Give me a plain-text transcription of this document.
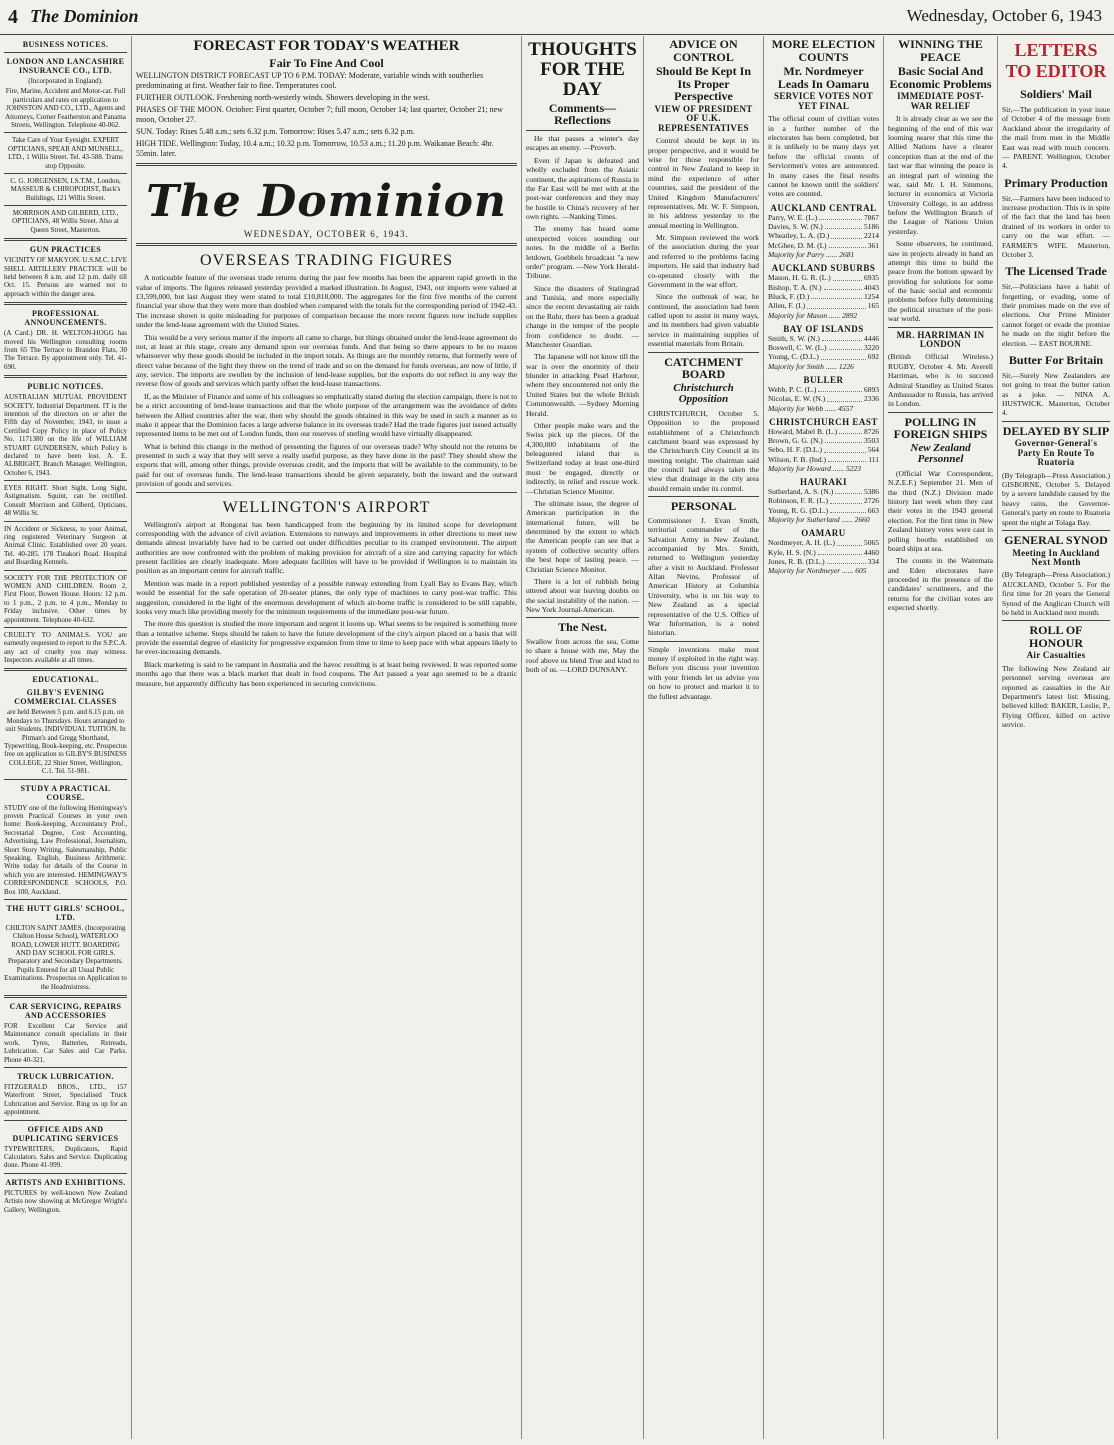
4 The Dominion	Wednesday, October 6, 1943
BUSINESS NOTICES.
LONDON AND LANCASHIRE INSURANCE CO., LTD.
(Incorporated in England).
Fire, Marine, Accident and Motor-car. Full particulars and rates on application to JOHNSTON AND CO., LTD., Agents and Attorneys, Corner Featherston and Panama Streets, Wellington. Telephone 40-062.
Take Care of Your Eyesight. EXPERT OPTICIANS, SPEAR AND MUNSELL, LTD., 1 Willis Street. Tel. 43-588. Trams stop Opposite.
C. G. JORGENSEN, I.S.T.M., London, MASSEUR & CHIROPODIST, Back's Buildings, 121 Willis Street.
MORRISON AND GILBERD, LTD., OPTICIANS, 48 Willis Street. Also at Queen Street, Masterton.
GUN PRACTICES
VICINITY OF MAKYON. U.S.M.C. LIVE SHELL ARTILLERY PRACTICE will be held between 8 a.m. and 12 p.m. daily till Oct. 15. Persons are warned not to approach within the danger area.
PROFESSIONAL ANNOUNCEMENTS.
(A Card.) DR. H. WELTON-HOGG has moved his Wellington consulting rooms from 65 The Terrace to Brandon Flats, 30 The Terrace. By appointment only. Tel. 41-690.
PUBLIC NOTICES.
AUSTRALIAN MUTUAL PROVIDENT SOCIETY. Industrial Department. IT is the intention of the directors on or after the Fifth day of November, 1943, to issue a Certified Copy Policy in place of Policy No. 1171380 on the life of WILLIAM STUART GUNDERSEN, which Policy is declared to have been lost. A. E. ALBRIGHT, Branch Manager. Wellington, October 6, 1943.
EYES RIGHT. Short Sight, Long Sight, Astigmatism. Squint, can be rectified. Consult Morrison and Gilberd, Opticians, 48 Willis St.
IN Accident or Sickness, to your Animal, ring registered Veterinary Surgeon at Animal Clinic. Established over 20 years. Tel. 40-285. 178 Tinakori Road. Hospital and Boarding Kennels.
SOCIETY FOR THE PROTECTION OF WOMEN AND CHILDREN. Room 2, First Floor, Bowen House. Hours: 12 p.m. to 1 p.m., 2 p.m. to 4 p.m., Monday to Friday inclusive. Other times by appointment. Telephone 40-632.
CRUELTY TO ANIMALS. YOU are earnestly requested to report to the S.P.C.A. any act of cruelty you may witness. Inspectors available at all times.
EDUCATIONAL.
GILBY'S EVENING COMMERCIAL CLASSES
are held Between 5 p.m. and 6.15 p.m. on Mondays to Thursdays. Hours arranged to suit Students. INDIVIDUAL TUITION. In Pitman's and Gregg Shorthand, Typewriting, Book-keeping, etc. Prospectus free on application to GILBY'S BUSINESS COLLEGE, 22 Shier Street, Wellington, C.1. Tel. 51-981.
STUDY A PRACTICAL COURSE.
STUDY one of the following Hemingway's proven Practical Courses in your own home: Book-keeping, Accountancy Prof., Secretarial Degree, Cost Accounting, Advertising, Law Professional, Journalism, Short Story Writing, Salesmanship, Public Speaking, English, Business Arithmetic. Write today for details of the Course in which you are interested. HEMINGWAY'S CORRESPONDENCE SCHOOLS, P.O. Box 100, Auckland.
THE HUTT GIRLS' SCHOOL, LTD.
CHILTON SAINT JAMES. (Incorporating Chilton House School), WATERLOO ROAD, LOWER HUTT. BOARDING AND DAY SCHOOL FOR GIRLS. Preparatory and Secondary Departments. Pupils Entered for all Usual Public Examinations. Prospectus on Application to the Headmistress.
CAR SERVICING, REPAIRS AND ACCESSORIES
FOR Excellent Car Service and Maintenance consult specialists in their work. Tyres, Batteries, Retreads, Lubrication. Car Sales and Car Parks. Phone 40-321.
TRUCK LUBRICATION.
FITZGERALD BROS., LTD., 157 Waterfront Street, Specialised Truck Lubrication and Service. Ring us up for an appointment.
OFFICE AIDS AND DUPLICATING SERVICES
TYPEWRITERS, Duplicators, Rapid Calculators. Sales and Service. Duplicating done. Phone 41-999.
ARTISTS AND EXHIBITIONS.
PICTURES by well-known New Zealand Artists now showing at McGregor Wright's Gallery, Wellington.
FORECAST FOR TODAY'S WEATHER
Fair To Fine And Cool
WELLINGTON DISTRICT FORECAST UP TO 6 P.M. TODAY: Moderate, variable winds with southerlies predominating at first. Weather fair to fine. Temperatures cool.
FURTHER OUTLOOK. Freshening north-westerly winds. Showers developing in the west.
PHASES OF THE MOON. October: First quarter, October 7; full moon, October 14; last quarter, October 21; new moon, October 27.
SUN. Today: Rises 5.48 a.m.; sets 6.32 p.m. Tomorrow: Rises 5.47 a.m.; sets 6.32 p.m.
HIGH TIDE. Wellington: Today, 10.4 a.m.; 10.32 p.m. Tomorrow, 10.53 a.m.; 11.20 p.m. Waikanae Beach: 4hr. 55min. later.
The Dominion
WEDNESDAY, OCTOBER 6, 1943.
OVERSEAS TRADING FIGURES

A noticeable feature of the overseas trade returns during the past few months has been the apparent rapid growth in the value of imports. The figures released yesterday provided a marked illustration. In August, 1943, our imports were valued at £3,599,000, but last August they were stated to total £10,818,000. The aggregates for the first five months of the current financial year show that they were more than doubled when compared with the totals for the corresponding period of 1942-43. The increase shown is quite misleading for purposes of comparison because the more recent figures now include supplies under the lend-lease agreement with the United States.

This would be a very serious matter if the imports all came to charge, but things obtained under the lend-lease agreement do not, at least at this stage, create any demand upon our overseas funds. And that being so there appears to be no reason whatsoever why these goods should be included in the import totals. As things are the monthly returns, that formerly were of direct value because of the light they threw on the trend of trade and so on the demand for funds overseas, are now of little, if any, service. The imports are swollen by the inclusion of lend-lease supplies, but the exports do not reflect in any way the reverse flow of goods and services which partly offset the lend-lease transactions.

If, as the Minister of Finance and some of his colleagues so emphatically stated during the election campaign, there is not to be a strict accounting of lend-lease transactions and that the whole purpose of the arrangement was the avoidance of debts between the Allied countries after the war, then why should the goods obtained in this way be used in such a manner as to make it appear that the Dominion faces a large adverse balance in its overseas trade? Had the trade figures just issued actually represented items to be met out of London funds, then our reserves of sterling would have virtually disappeared.

What is behind this change in the method of presenting the figures of our overseas trade? Why should not the returns be presented in such a way that they will serve a really useful purpose, as they have done in the past? They should show the exports that will, among other things, provide overseas credit, and the imports that will be available to the community, to be paid for out of overseas funds. The lend-lease transactions should be given separately, both the inward and the outward provision of goods and services.

WELLINGTON'S AIRPORT

Wellington's airport at Rongotai has been handicapped from the beginning by its limited scope for development corresponding with the advance of civil aviation. Extensions to runways and improvements in other directions to meet new demands almost invariably have had to be carried out under difficulties peculiar to its cramped environment. The airport authorities are now confronted with the problem of making provision for aircraft of a size and carrying capacity for which present facilities are clearly inadequate. More adequate facilities will have to be provided if Wellington is to maintain its position as an important centre for aircraft traffic.

Mention was made in a report published yesterday of a possible runway extending from Lyall Bay to Evans Bay, which would be essential for the safe operation of 20-seater planes, the only type of machines to carry post-war traffic. This suggestion, considered in the light of the enormous development of which air-borne traffic is considered to be still capable, looks very much like providing merely for the minimum requirements of the immediate post-war future.

The more this question is studied the more important and urgent it looms up. What seems to be required is something more than a tentative scheme. Steps should be taken to have the future development of the city's airport placed on a basis that will provide the essential degree of elasticity for progressive expansion from time to time to keep pace with what appears likely to be ever-increasing demands.

Black marketing is said to be rampant in Australia and the havoc resulting is at least being reviewed. It was reported some months ago that there was a black market that dealt in food coupons. The Act passed a year ago seemed to be a drastic measure, but apparently difficulty has been experienced in securing convictions.

THOUGHTS FOR THE DAY
Comments—Reflections

He that passes a winter's day escapes an enemy. —Proverb.

Even if Japan is defeated and wholly excluded from the Asiatic continent, the aspirations of Russia in the Far East will be met with at the post-war conferences and they may be hostile to China's recovery of her own rights. —Nanking Times.

The enemy has heard some unexpected voices sounding our notes. In the middle of a Berlin letdown, Goebbels broadcast "a new order" program. —New York Herald-Tribune.

Since the disasters of Stalingrad and Tunisia, and more especially since the recent devastating air raids on the Ruhr, there has been a gradual change in the temper of the people from confidence to doubt. —Manchester Guardian.

The Japanese will not know till the war is over the enormity of their blunder in attacking Pearl Harbour, where they encountered not only the United States but the whole British Commonwealth. —Sydney Morning Herald.

Other people make wars and the Swiss pick up the pieces. Of the 4,300,000 inhabitants of the beleaguered island that is Switzerland today at least one-third must be engaged, directly or indirectly, in relief and rescue work. —Christian Science Monitor.

The ultimate issue, the degree of American participation in the international future, will be determined by the extent to which the American people can see that a system of collective security offers the best hope of lasting peace. —Christian Science Monitor.

There is a lot of rubbish being uttered about war leaving doubts on the social instability of the nation. —New York Journal-American.

The Nest.
Swallow from across the sea, Come to share a house with me, May the roof above us blend True and kind to both of us. —LORD DUNSANY.
ADVICE ON CONTROL
Should Be Kept In Its Proper Perspective
VIEW OF PRESIDENT OF U.K. REPRESENTATIVES

Control should be kept in its proper perspective, and it would be wise for those responsible for control in New Zealand to keep in mind the experience of other countries, said the president of the United Kingdom Manufacturers' representatives, Mr. W. F. Simpson, in his address yesterday to the annual meeting in Wellington.

Mr. Simpson reviewed the work of the association during the year and referred to the problems facing importers. He said that industry had co-operated closely with the Government in the war effort.

Since the outbreak of war, he continued, the association had been called upon to assist in many ways, and its members had given valuable service in maintaining supplies of essential materials from Britain.

CATCHMENT BOARD
Christchurch Opposition
CHRISTCHURCH, October 5. Opposition to the proposed establishment of a Christchurch catchment board was expressed by the Christchurch City Council at its meeting tonight. The chairman said the council had always taken the view that drainage in the city area should remain under its control.
PERSONAL
Commissioner J. Evan Smith, territorial commander of the Salvation Army in New Zealand, accompanied by Mrs. Smith, returned to Wellington yesterday after a visit to Auckland. Professor Allan Nevins, Professor of American History at Columbia University, who is on his way to New Zealand as a special representative of the U.S. Office of War Information, is a noted historian.
Simple inventions make most money if exploited in the right way. Before you discuss your invention with your friends let us advise you on how to protect and market it to the fullest advantage.
MORE ELECTION COUNTS
Mr. Nordmeyer Leads In Oamaru
SERVICE VOTES NOT YET FINAL
The official count of civilian votes in a further number of the electorates has been completed, but it is unlikely to be many days yet before the official counts of Servicemen's votes are announced. In many cases the final results cannot be known until the soldiers' votes are counted.
AUCKLAND CENTRAL
Parry, W. E. (L.)	7867
Davies, S. W. (N.)	5186
Wheatley, L. A. (D.)	2214
McGhee, D. M. (I.)	361
Majority for Parry ...... 2681
AUCKLAND SUBURBS
Mason, H. G. R. (L.)	6935
Bishop, T. A. (N.)	4043
Bluck, F. (D.)	1254
Allen, F. (I.)	165
Majority for Mason ...... 2892
BAY OF ISLANDS
Smith, S. W. (N.)	4446
Boswell, C. W. (L.)	3220
Young, C. (D.L.)	692
Majority for Smith ...... 1226
BULLER
Webb, P. C. (L.)	6893
Nicolas, E. W. (N.)	2336
Majority for Webb ...... 4557
CHRISTCHURCH EAST
Howard, Mabel B. (L.)	8726
Brown, G. G. (N.)	3503
Sebo, H. F. (D.L.)	564
Wilson, F. B. (Ind.)	111
Majority for Howard ...... 5223
HAURAKI
Sutherland, A. S. (N.)	5386
Robinson, F. R. (L.)	2726
Young, R. G. (D.L.)	663
Majority for Sutherland ...... 2660
OAMARU
Nordmeyer, A. H. (L.)	5065
Kyle, H. S. (N.)	4460
Jones, R. B. (D.L.)	334
Majority for Nordmeyer ...... 605
WINNING THE PEACE
Basic Social And Economic Problems
IMMEDIATE POST-WAR RELIEF

It is already clear as we see the beginning of the end of this war looming nearer that this time the Allied Nations have a clearer conception than at the end of the last war that winning the peace is an integral part of winning the war, said Mr. I. H. Simmons, lecturer in economics at Victoria University College, in an address before the Wellington Branch of the League of Nations Union yesterday.

Some observers, he continued, saw in projects already in hand an attempt this time to build the peace from the bottom upward by providing for solutions for some of the basic social and economic problems before fully determining the political structure of the post-war world.

MR. HARRIMAN IN LONDON
(British Official Wireless.) RUGBY, October 4. Mr. Averell Harriman, who is to succeed Admiral Standley as United States Ambassador to Russia, has arrived in London.
POLLING IN FOREIGN SHIPS
New Zealand Personnel

(Official War Correspondent, N.Z.E.F.) September 21. Men of the third (N.Z.) Division made history last week when they cast their votes in the 1943 general election. For the first time in New Zealand history votes were cast in polling booths established on board ships at sea.

The counts in the Waitemata and Eden electorates have proceeded in the presence of the candidates' scrutineers, and the returns for the civilian votes are expected shortly.

LETTERS TO EDITOR
Soldiers' Mail
Sir,—The publication in your issue of October 4 of the message from Auckland about the irregularity of the mail from men in the Middle East was read with much concern. — PARENT. Wellington, October 4.
Primary Production
Sir,—Farmers have been induced to increase production. This is in spite of the fact that the land has been drained of its workers in order to carry on the war effort. — FARMER'S WIFE. Masterton, October 3.
The Licensed Trade
Sir,—Politicians have a habit of forgetting, or evading, some of their promises made on the eve of elections. Our Prime Minister cannot forget or evade the promise he made on the night before the election. — EAST BOURNE.
Butter For Britain
Sir,—Surely New Zealanders are not going to treat the butter ration as a joke. — NINA A. HUSTWICK. Masterton, October 4.
DELAYED BY SLIP
Governor-General's Party En Route To Ruatoria
(By Telegraph—Press Association.) GISBORNE, October 5. Delayed by a severe landslide caused by the heavy rains, the Governor-General's party en route to Ruatoria spent the night at Tolaga Bay.
GENERAL SYNOD
Meeting In Auckland Next Month
(By Telegraph—Press Association.) AUCKLAND, October 5. For the first time for 20 years the General Synod of the Anglican Church will be held in Auckland next month.
ROLL OF HONOUR
Air Casualties
The following New Zealand air personnel serving overseas are reported as casualties in the Air Department's latest list: Missing, believed killed: BAKER, Leslie, P., Flying Officer, killed on active service.
